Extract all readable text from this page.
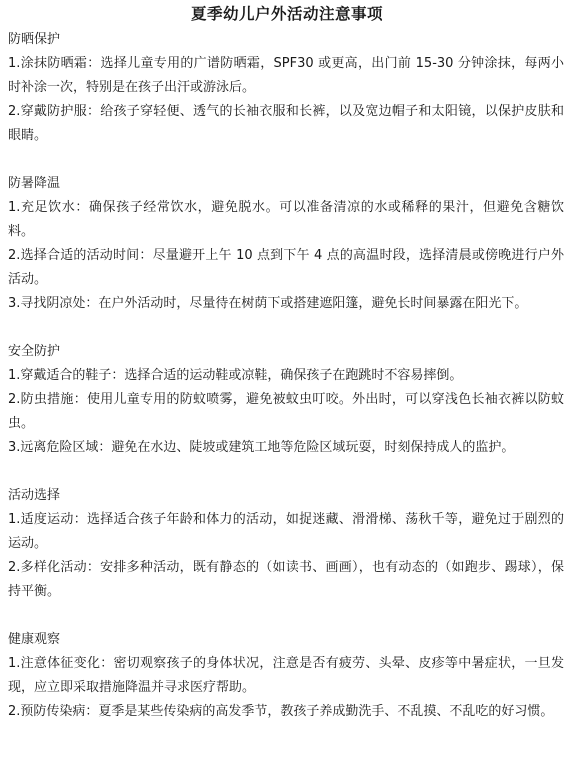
夏季幼儿户外活动注意事项

防晒保护

1.涂抹防晒霜：选择儿童专用的广谱防晒霜，SPF30 或更高，出门前 15-30 分钟涂抹，每两小时补涂一次，特别是在孩子出汗或游泳后。

2.穿戴防护服：给孩子穿轻便、透气的长袖衣服和长裤，以及宽边帽子和太阳镜，以保护皮肤和眼睛。

防暑降温

1.充足饮水：确保孩子经常饮水，避免脱水。可以准备清凉的水或稀释的果汁，但避免含糖饮料。

2.选择合适的活动时间：尽量避开上午 10 点到下午 4 点的高温时段，选择清晨或傍晚进行户外活动。

3.寻找阴凉处：在户外活动时，尽量待在树荫下或搭建遮阳篷，避免长时间暴露在阳光下。

安全防护

1.穿戴适合的鞋子：选择合适的运动鞋或凉鞋，确保孩子在跑跳时不容易摔倒。

2.防虫措施：使用儿童专用的防蚊喷雾，避免被蚊虫叮咬。外出时，可以穿浅色长袖衣裤以防蚊虫。

3.远离危险区域：避免在水边、陡坡或建筑工地等危险区域玩耍，时刻保持成人的监护。

活动选择

1.适度运动：选择适合孩子年龄和体力的活动，如捉迷藏、滑滑梯、荡秋千等，避免过于剧烈的运动。

2.多样化活动：安排多种活动，既有静态的（如读书、画画），也有动态的（如跑步、踢球），保持平衡。

健康观察

1.注意体征变化：密切观察孩子的身体状况，注意是否有疲劳、头晕、皮疹等中暑症状，一旦发现，应立即采取措施降温并寻求医疗帮助。

2.预防传染病：夏季是某些传染病的高发季节，教孩子养成勤洗手、不乱摸、不乱吃的好习惯。
